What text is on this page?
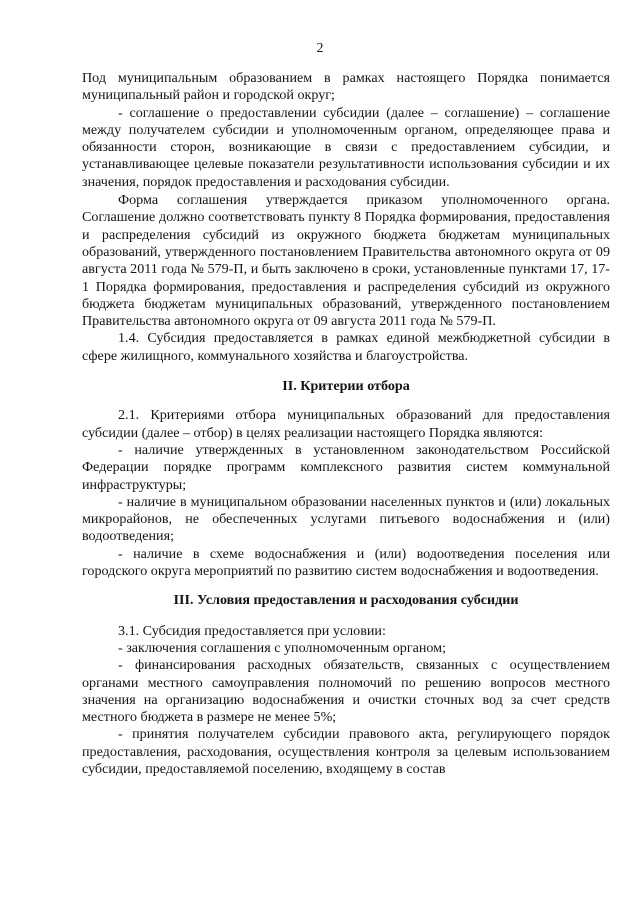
2

Под муниципальным образованием в рамках настоящего Порядка понимается муниципальный район и городской округ;

- соглашение о предоставлении субсидии (далее – соглашение) – соглашение между получателем субсидии и уполномоченным органом, определяющее права и обязанности сторон, возникающие в связи с предоставлением субсидии, и устанавливающее целевые показатели результативности использования субсидии и их значения, порядок предоставления и расходования субсидии.

Форма соглашения утверждается приказом уполномоченного органа. Соглашение должно соответствовать пункту 8 Порядка формирования, предоставления и распределения субсидий из окружного бюджета бюджетам муниципальных образований, утвержденного постановлением Правительства автономного округа от 09 августа 2011 года № 579-П, и быть заключено в сроки, установленные пунктами 17, 17-1 Порядка формирования, предоставления и распределения субсидий из окружного бюджета бюджетам муниципальных образований, утвержденного постановлением Правительства автономного округа от 09 августа 2011 года № 579-П.

1.4. Субсидия предоставляется в рамках единой межбюджетной субсидии в сфере жилищного, коммунального хозяйства и благоустройства.

II. Критерии отбора

2.1. Критериями отбора муниципальных образований для предоставления субсидии (далее – отбор) в целях реализации настоящего Порядка являются:

- наличие утвержденных в установленном законодательством Российской Федерации порядке программ комплексного развития систем коммунальной инфраструктуры;

- наличие в муниципальном образовании населенных пунктов и (или) локальных микрорайонов, не обеспеченных услугами питьевого водоснабжения и (или) водоотведения;

- наличие в схеме водоснабжения и (или) водоотведения поселения или городского округа мероприятий по развитию систем водоснабжения и водоотведения.

III. Условия предоставления и расходования субсидии

3.1. Субсидия предоставляется при условии:

- заключения соглашения с уполномоченным органом;

- финансирования расходных обязательств, связанных с осуществлением органами местного самоуправления полномочий по решению вопросов местного значения на организацию водоснабжения и очистки сточных вод за счет средств местного бюджета в размере не менее 5%;

- принятия получателем субсидии правового акта, регулирующего порядок предоставления, расходования, осуществления контроля за целевым использованием субсидии, предоставляемой поселению, входящему в состав
